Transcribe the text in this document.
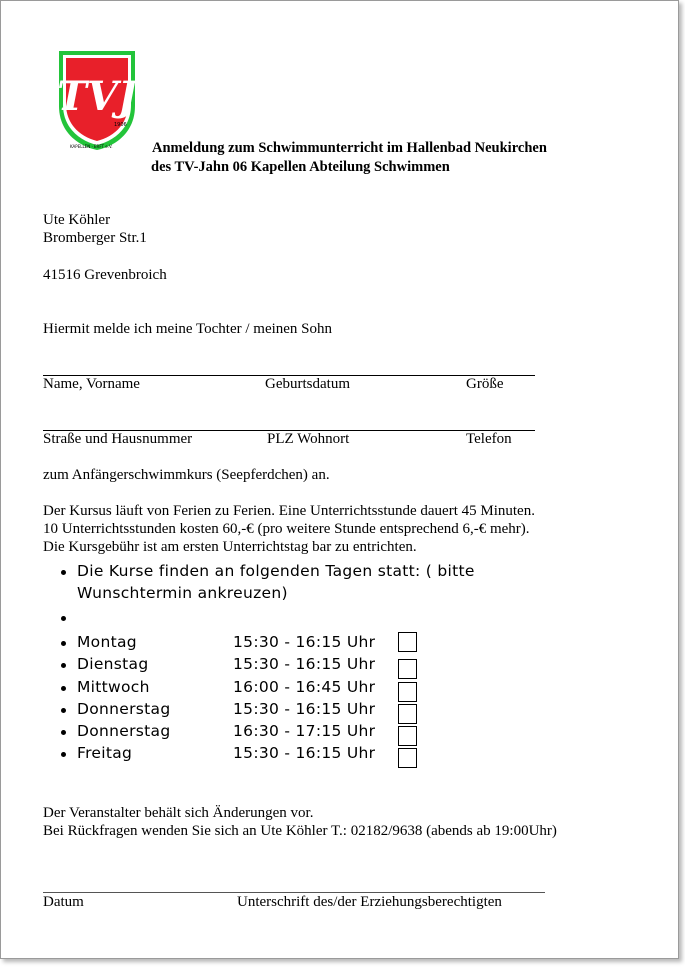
TVJ
1906
KAPELLEN · ERFT e.V.	Anmeldung zum Schwimmunterricht im Hallenbad Neukirchen
des TV-Jahn 06 Kapellen Abteilung Schwimmen
Ute Köhler
Bromberger Str.1
41516 Grevenbroich
Hiermit melde ich meine Tochter / meinen Sohn
Name, Vorname	Geburtsdatum	Größe
Straße und Hausnummer	PLZ Wohnort	Telefon
zum Anfängerschwimmkurs (Seepferdchen) an.
Der Kursus läuft von Ferien zu Ferien. Eine Unterrichtsstunde dauert 45 Minuten.
10 Unterrichtsstunden kosten 60,-€ (pro weitere Stunde entsprechend 6,-€ mehr).
Die Kursgebühr ist am ersten Unterrichtstag bar zu entrichten.
Die Kurse finden an folgenden Tagen statt: ( bitte
Wunschtermin ankreuzen)
Montag	15:30 - 16:15 Uhr
Dienstag	15:30 - 16:15 Uhr
Mittwoch	16:00 - 16:45 Uhr
Donnerstag	15:30 - 16:15 Uhr
Donnerstag	16:30 - 17:15 Uhr
Freitag	15:30 - 16:15 Uhr
Der Veranstalter behält sich Änderungen vor.
Bei Rückfragen wenden Sie sich an Ute Köhler T.: 02182/9638 (abends ab 19:00Uhr)
Datum	Unterschrift des/der Erziehungsberechtigten
